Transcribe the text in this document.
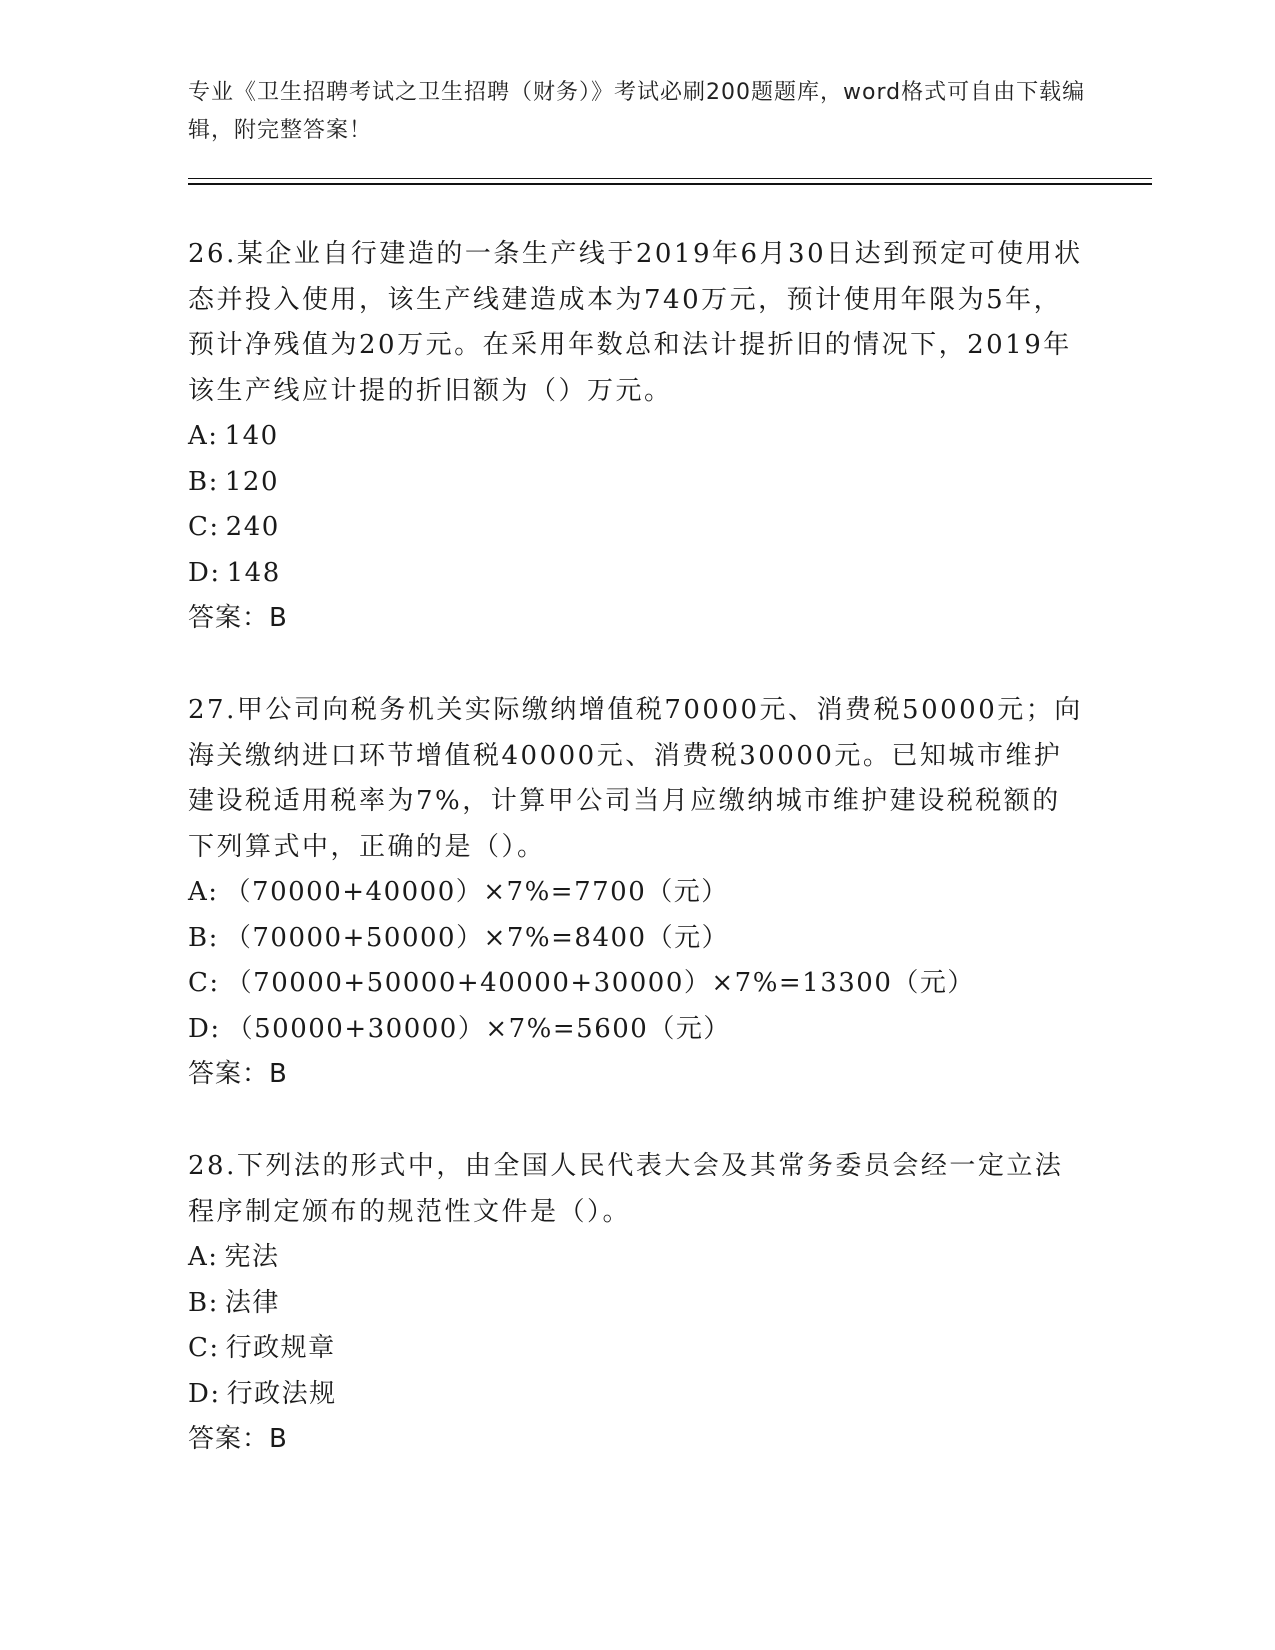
专业《卫生招聘考试之卫生招聘（财务）》考试必刷200题题库，word格式可自由下载编辑，附完整答案！

26.某企业自行建造的一条生产线于2019年6月30日达到预定可使用状态并投入使用，该生产线建造成本为740万元，预计使用年限为5年，预计净残值为20万元。在采用年数总和法计提折旧的情况下，2019年该生产线应计提的折旧额为（）万元。

A: 140

B: 120

C: 240

D: 148

答案：B

27.甲公司向税务机关实际缴纳增值税70000元、消费税50000元；向海关缴纳进口环节增值税40000元、消费税30000元。已知城市维护建设税适用税率为7%，计算甲公司当月应缴纳城市维护建设税税额的下列算式中，正确的是（）。

A: （70000+40000）×7%=7700（元）

B: （70000+50000）×7%=8400（元）

C: （70000+50000+40000+30000）×7%=13300（元）

D: （50000+30000）×7%=5600（元）

答案：B

28.下列法的形式中，由全国人民代表大会及其常务委员会经一定立法程序制定颁布的规范性文件是（）。

A: 宪法

B: 法律

C: 行政规章

D: 行政法规

答案：B
